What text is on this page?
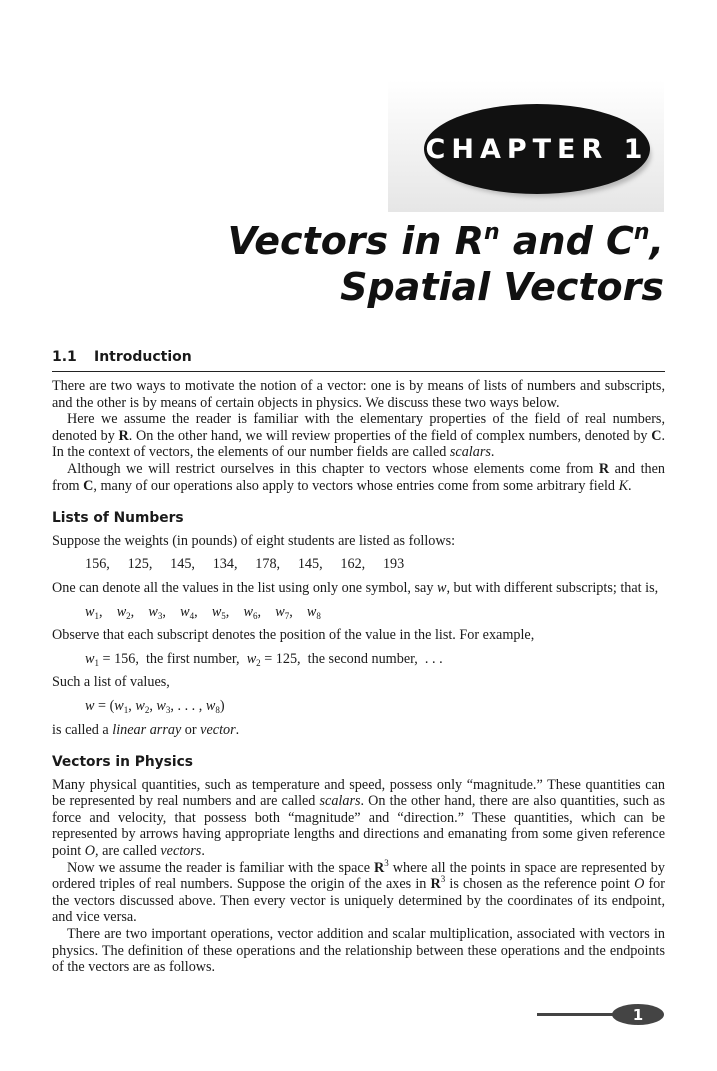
CHAPTER 1
Vectors in $R^n$ and $C^n$,
Spatial Vectors
1.1 Introduction

There are two ways to motivate the notion of a vector: one is by means of lists of numbers and subscripts, and the other is by means of certain objects in physics. We discuss these two ways below.

Here we assume the reader is familiar with the elementary properties of the field of real numbers, denoted by R. On the other hand, we will review properties of the field of complex numbers, denoted by C. In the context of vectors, the elements of our number fields are called scalars.

Although we will restrict ourselves in this chapter to vectors whose elements come from R and then from C, many of our operations also apply to vectors whose entries come from some arbitrary field K.

Lists of Numbers

Suppose the weights (in pounds) of eight students are listed as follows:

156, 125, 145, 134, 178, 145, 162, 193

One can denote all the values in the list using only one symbol, say w, but with different subscripts; that is,

$w_1$,    $w_2$,    $w_3$,    $w_4$,    $w_5$,    $w_6$,    $w_7$,    $w_8$

Observe that each subscript denotes the position of the value in the list. For example,

$w_1 = 156$,  the first number,  $w_2 = 125$,  the second number,  . . .

Such a list of values,

$w = (w_1$, $w_2$, $w_3$, . . . , $w_8$)

is called a linear array or vector.

Vectors in Physics

Many physical quantities, such as temperature and speed, possess only “magnitude.” These quantities can be represented by real numbers and are called scalars. On the other hand, there are also quantities, such as force and velocity, that possess both “magnitude” and “direction.” These quantities, which can be represented by arrows having appropriate lengths and directions and emanating from some given reference point O, are called vectors.

Now we assume the reader is familiar with the space $R^3$ where all the points in space are represented by ordered triples of real numbers. Suppose the origin of the axes in $R^3$ is chosen as the reference point O for the vectors discussed above. Then every vector is uniquely determined by the coordinates of its endpoint, and vice versa.

There are two important operations, vector addition and scalar multiplication, associated with vectors in physics. The definition of these operations and the relationship between these operations and the endpoints of the vectors are as follows.

1
